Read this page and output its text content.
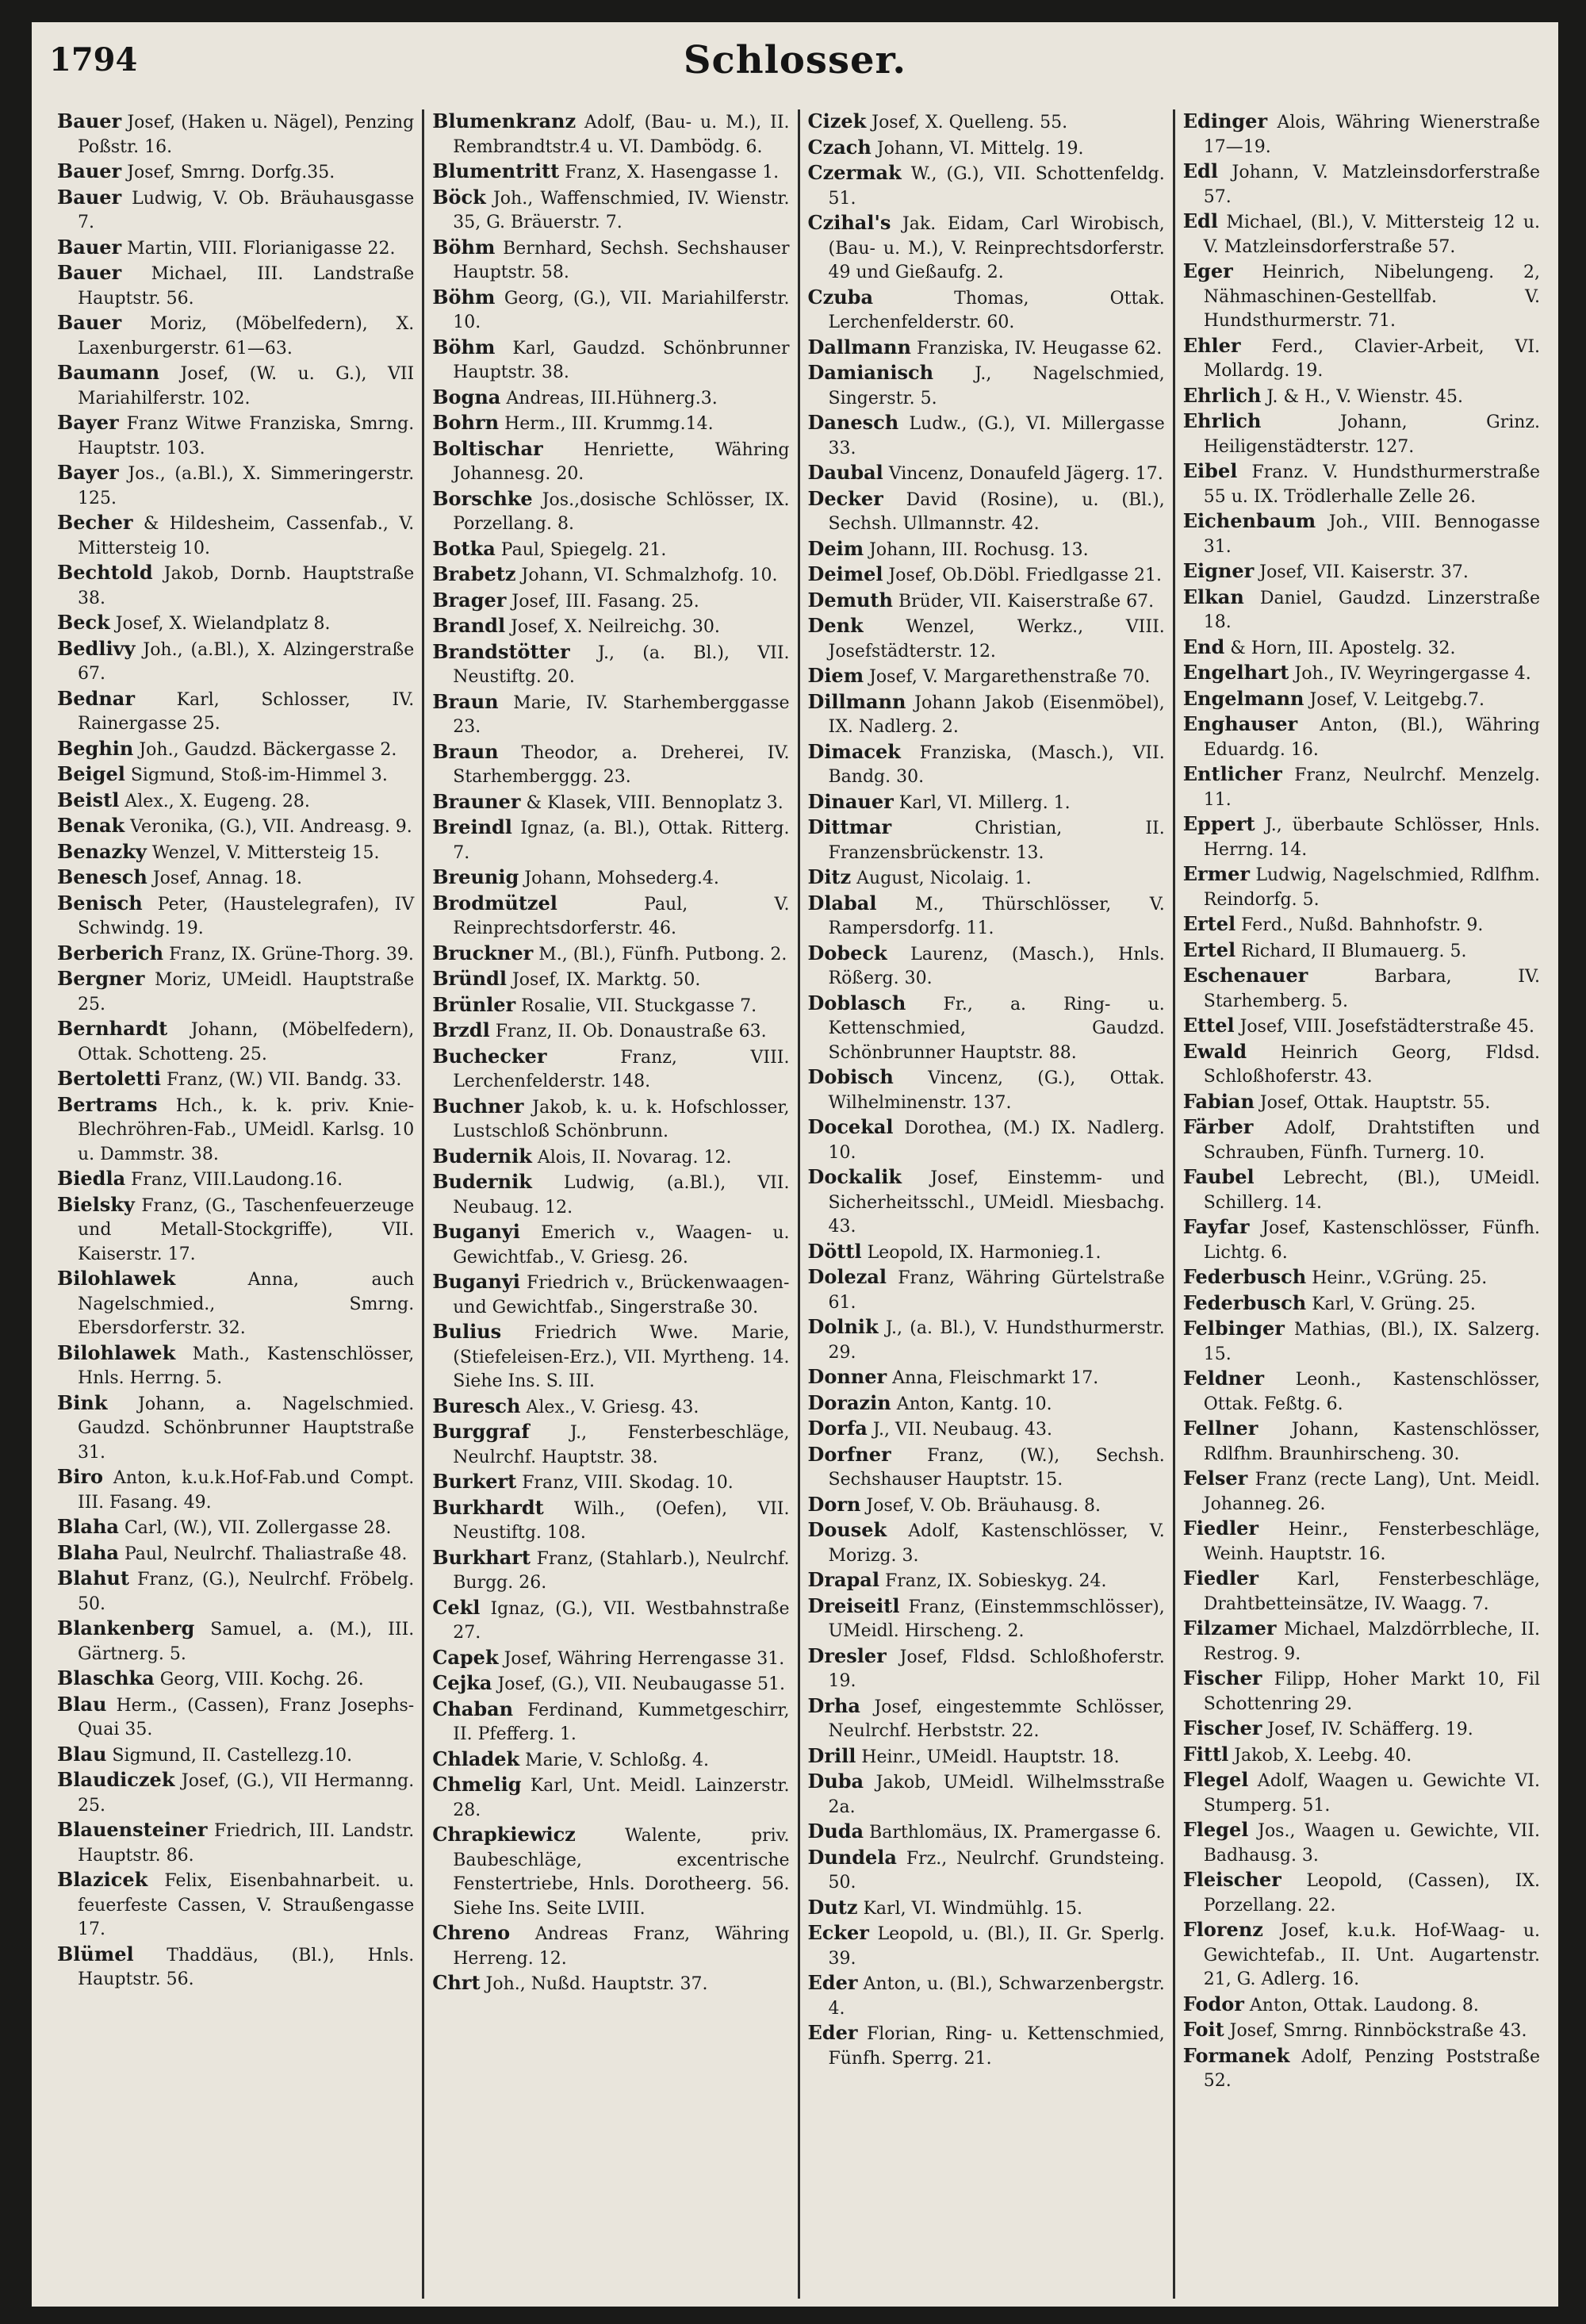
1794	Schlosser.

Bauer Josef, (Haken u. Nägel), Penzing Poßstr. 16.

Bauer Josef, Smrng. Dorfg.35.

Bauer Ludwig, V. Ob. Bräuhausgasse 7.

Bauer Martin, VIII. Florianigasse 22.

Bauer Michael, III. Landstraße Hauptstr. 56.

Bauer Moriz, (Möbelfedern), X. Laxenburgerstr. 61—63.

Baumann Josef, (W. u. G.), VII Mariahilferstr. 102.

Bayer Franz Witwe Franziska, Smrng. Hauptstr. 103.

Bayer Jos., (a.Bl.), X. Simmeringerstr. 125.

Becher & Hildesheim, Cassenfab., V. Mittersteig 10.

Bechtold Jakob, Dornb. Hauptstraße 38.

Beck Josef, X. Wielandplatz 8.

Bedlivy Joh., (a.Bl.), X. Alzingerstraße 67.

Bednar Karl, Schlosser, IV. Rainergasse 25.

Beghin Joh., Gaudzd. Bäckergasse 2.

Beigel Sigmund, Stoß-im-Himmel 3.

Beistl Alex., X. Eugeng. 28.

Benak Veronika, (G.), VII. Andreasg. 9.

Benazky Wenzel, V. Mittersteig 15.

Benesch Josef, Annag. 18.

Benisch Peter, (Haustelegrafen), IV Schwindg. 19.

Berberich Franz, IX. Grüne-Thorg. 39.

Bergner Moriz, UMeidl. Hauptstraße 25.

Bernhardt Johann, (Möbelfedern), Ottak. Schotteng. 25.

Bertoletti Franz, (W.) VII. Bandg. 33.

Bertrams Hch., k. k. priv. Knie-Blechröhren-Fab., UMeidl. Karlsg. 10 u. Dammstr. 38.

Biedla Franz, VIII.Laudong.16.

Bielsky Franz, (G., Taschenfeuerzeuge und Metall-Stockgriffe), VII. Kaiserstr. 17.

Bilohlawek Anna, auch Nagelschmied., Smrng. Ebersdorferstr. 32.

Bilohlawek Math., Kastenschlösser, Hnls. Herrng. 5.

Bink Johann, a. Nagelschmied. Gaudzd. Schönbrunner Hauptstraße 31.

Biro Anton, k.u.k.Hof-Fab.und Compt. III. Fasang. 49.

Blaha Carl, (W.), VII. Zollergasse 28.

Blaha Paul, Neulrchf. Thaliastraße 48.

Blahut Franz, (G.), Neulrchf. Fröbelg. 50.

Blankenberg Samuel, a. (M.), III. Gärtnerg. 5.

Blaschka Georg, VIII. Kochg. 26.

Blau Herm., (Cassen), Franz Josephs-Quai 35.

Blau Sigmund, II. Castellezg.10.

Blaudiczek Josef, (G.), VII Hermanng. 25.

Blauensteiner Friedrich, III. Landstr. Hauptstr. 86.

Blazicek Felix, Eisenbahnarbeit. u. feuerfeste Cassen, V. Straußengasse 17.

Blümel Thaddäus, (Bl.), Hnls. Hauptstr. 56.

Blumenkranz Adolf, (Bau- u. M.), II. Rembrandtstr.4 u. VI. Dambödg. 6.

Blumentritt Franz, X. Hasengasse 1.

Böck Joh., Waffenschmied, IV. Wienstr. 35, G. Bräuerstr. 7.

Böhm Bernhard, Sechsh. Sechshauser Hauptstr. 58.

Böhm Georg, (G.), VII. Mariahilferstr. 10.

Böhm Karl, Gaudzd. Schönbrunner Hauptstr. 38.

Bogna Andreas, III.Hühnerg.3.

Bohrn Herm., III. Krummg.14.

Boltischar Henriette, Währing Johannesg. 20.

Borschke Jos.,dosische Schlösser, IX. Porzellang. 8.

Botka Paul, Spiegelg. 21.

Brabetz Johann, VI. Schmalzhofg. 10.

Brager Josef, III. Fasang. 25.

Brandl Josef, X. Neilreichg. 30.

Brandstötter J., (a. Bl.), VII. Neustiftg. 20.

Braun Marie, IV. Starhemberggasse 23.

Braun Theodor, a. Dreherei, IV. Starhemberggg. 23.

Brauner & Klasek, VIII. Bennoplatz 3.

Breindl Ignaz, (a. Bl.), Ottak. Ritterg. 7.

Breunig Johann, Mohsederg.4.

Brodmützel Paul, V. Reinprechtsdorferstr. 46.

Bruckner M., (Bl.), Fünfh. Putbong. 2.

Bründl Josef, IX. Marktg. 50.

Brünler Rosalie, VII. Stuckgasse 7.

Brzdl Franz, II. Ob. Donaustraße 63.

Buchecker Franz, VIII. Lerchenfelderstr. 148.

Buchner Jakob, k. u. k. Hofschlosser, Lustschloß Schönbrunn.

Budernik Alois, II. Novarag. 12.

Budernik Ludwig, (a.Bl.), VII. Neubaug. 12.

Buganyi Emerich v., Waagen- u. Gewichtfab., V. Griesg. 26.

Buganyi Friedrich v., Brückenwaagen- und Gewichtfab., Singerstraße 30.

Bulius Friedrich Wwe. Marie, (Stiefeleisen-Erz.), VII. Myrtheng. 14. Siehe Ins. S. III.

Buresch Alex., V. Griesg. 43.

Burggraf J., Fensterbeschläge, Neulrchf. Hauptstr. 38.

Burkert Franz, VIII. Skodag. 10.

Burkhardt Wilh., (Oefen), VII. Neustiftg. 108.

Burkhart Franz, (Stahlarb.), Neulrchf. Burgg. 26.

Cekl Ignaz, (G.), VII. Westbahnstraße 27.

Capek Josef, Währing Herrengasse 31.

Cejka Josef, (G.), VII. Neubaugasse 51.

Chaban Ferdinand, Kummetgeschirr, II. Pfefferg. 1.

Chladek Marie, V. Schloßg. 4.

Chmelig Karl, Unt. Meidl. Lainzerstr. 28.

Chrapkiewicz Walente, priv. Baubeschläge, excentrische Fenstertriebe, Hnls. Dorotheerg. 56. Siehe Ins. Seite LVIII.

Chreno Andreas Franz, Währing Herreng. 12.

Chrt Joh., Nußd. Hauptstr. 37.

Cizek Josef, X. Quelleng. 55.

Czach Johann, VI. Mittelg. 19.

Czermak W., (G.), VII. Schottenfeldg. 51.

Czihal's Jak. Eidam, Carl Wirobisch, (Bau- u. M.), V. Reinprechtsdorferstr. 49 und Gießaufg. 2.

Czuba Thomas, Ottak. Lerchenfelderstr. 60.

Dallmann Franziska, IV. Heugasse 62.

Damianisch J., Nagelschmied, Singerstr. 5.

Danesch Ludw., (G.), VI. Millergasse 33.

Daubal Vincenz, Donaufeld Jägerg. 17.

Decker David (Rosine), u. (Bl.), Sechsh. Ullmannstr. 42.

Deim Johann, III. Rochusg. 13.

Deimel Josef, Ob.Döbl. Friedlgasse 21.

Demuth Brüder, VII. Kaiserstraße 67.

Denk Wenzel, Werkz., VIII. Josefstädterstr. 12.

Diem Josef, V. Margarethenstraße 70.

Dillmann Johann Jakob (Eisenmöbel), IX. Nadlerg. 2.

Dimacek Franziska, (Masch.), VII. Bandg. 30.

Dinauer Karl, VI. Millerg. 1.

Dittmar Christian, II. Franzensbrückenstr. 13.

Ditz August, Nicolaig. 1.

Dlabal M., Thürschlösser, V. Rampersdorfg. 11.

Dobeck Laurenz, (Masch.), Hnls. Rößerg. 30.

Doblasch Fr., a. Ring- u. Kettenschmied, Gaudzd. Schönbrunner Hauptstr. 88.

Dobisch Vincenz, (G.), Ottak. Wilhelminenstr. 137.

Docekal Dorothea, (M.) IX. Nadlerg. 10.

Dockalik Josef, Einstemm- und Sicherheitsschl., UMeidl. Miesbachg. 43.

Döttl Leopold, IX. Harmonieg.1.

Dolezal Franz, Währing Gürtelstraße 61.

Dolnik J., (a. Bl.), V. Hundsthurmerstr. 29.

Donner Anna, Fleischmarkt 17.

Dorazin Anton, Kantg. 10.

Dorfa J., VII. Neubaug. 43.

Dorfner Franz, (W.), Sechsh. Sechshauser Hauptstr. 15.

Dorn Josef, V. Ob. Bräuhausg. 8.

Dousek Adolf, Kastenschlösser, V. Morizg. 3.

Drapal Franz, IX. Sobieskyg. 24.

Dreiseitl Franz, (Einstemmschlösser), UMeidl. Hirscheng. 2.

Dresler Josef, Fldsd. Schloßhoferstr. 19.

Drha Josef, eingestemmte Schlösser, Neulrchf. Herbststr. 22.

Drill Heinr., UMeidl. Hauptstr. 18.

Duba Jakob, UMeidl. Wilhelmsstraße 2a.

Duda Barthlomäus, IX. Pramergasse 6.

Dundela Frz., Neulrchf. Grundsteing. 50.

Dutz Karl, VI. Windmühlg. 15.

Ecker Leopold, u. (Bl.), II. Gr. Sperlg. 39.

Eder Anton, u. (Bl.), Schwarzenbergstr. 4.

Eder Florian, Ring- u. Kettenschmied, Fünfh. Sperrg. 21.

Edinger Alois, Währing Wienerstraße 17—19.

Edl Johann, V. Matzleinsdorferstraße 57.

Edl Michael, (Bl.), V. Mittersteig 12 u. V. Matzleinsdorferstraße 57.

Eger Heinrich, Nibelungeng. 2, Nähmaschinen-Gestellfab. V. Hundsthurmerstr. 71.

Ehler Ferd., Clavier-Arbeit, VI. Mollardg. 19.

Ehrlich J. & H., V. Wienstr. 45.

Ehrlich Johann, Grinz. Heiligenstädterstr. 127.

Eibel Franz. V. Hundsthurmerstraße 55 u. IX. Trödlerhalle Zelle 26.

Eichenbaum Joh., VIII. Bennogasse 31.

Eigner Josef, VII. Kaiserstr. 37.

Elkan Daniel, Gaudzd. Linzerstraße 18.

End & Horn, III. Apostelg. 32.

Engelhart Joh., IV. Weyringergasse 4.

Engelmann Josef, V. Leitgebg.7.

Enghauser Anton, (Bl.), Währing Eduardg. 16.

Entlicher Franz, Neulrchf. Menzelg. 11.

Eppert J., überbaute Schlösser, Hnls. Herrng. 14.

Ermer Ludwig, Nagelschmied, Rdlfhm. Reindorfg. 5.

Ertel Ferd., Nußd. Bahnhofstr. 9.

Ertel Richard, II Blumauerg. 5.

Eschenauer Barbara, IV. Starhemberg. 5.

Ettel Josef, VIII. Josefstädterstraße 45.

Ewald Heinrich Georg, Fldsd. Schloßhoferstr. 43.

Fabian Josef, Ottak. Hauptstr. 55.

Färber Adolf, Drahtstiften und Schrauben, Fünfh. Turnerg. 10.

Faubel Lebrecht, (Bl.), UMeidl. Schillerg. 14.

Fayfar Josef, Kastenschlösser, Fünfh. Lichtg. 6.

Federbusch Heinr., V.Grüng. 25.

Federbusch Karl, V. Grüng. 25.

Felbinger Mathias, (Bl.), IX. Salzerg. 15.

Feldner Leonh., Kastenschlösser, Ottak. Feßtg. 6.

Fellner Johann, Kastenschlösser, Rdlfhm. Braunhirscheng. 30.

Felser Franz (recte Lang), Unt. Meidl. Johanneg. 26.

Fiedler Heinr., Fensterbeschläge, Weinh. Hauptstr. 16.

Fiedler Karl, Fensterbeschläge, Drahtbetteinsätze, IV. Waagg. 7.

Filzamer Michael, Malzdörrbleche, II. Restrog. 9.

Fischer Filipp, Hoher Markt 10, Fil Schottenring 29.

Fischer Josef, IV. Schäfferg. 19.

Fittl Jakob, X. Leebg. 40.

Flegel Adolf, Waagen u. Gewichte VI. Stumperg. 51.

Flegel Jos., Waagen u. Gewichte, VII. Badhausg. 3.

Fleischer Leopold, (Cassen), IX. Porzellang. 22.

Florenz Josef, k.u.k. Hof-Waag- u. Gewichtefab., II. Unt. Augartenstr. 21, G. Adlerg. 16.

Fodor Anton, Ottak. Laudong. 8.

Foit Josef, Smrng. Rinnböckstraße 43.

Formanek Adolf, Penzing Poststraße 52.
